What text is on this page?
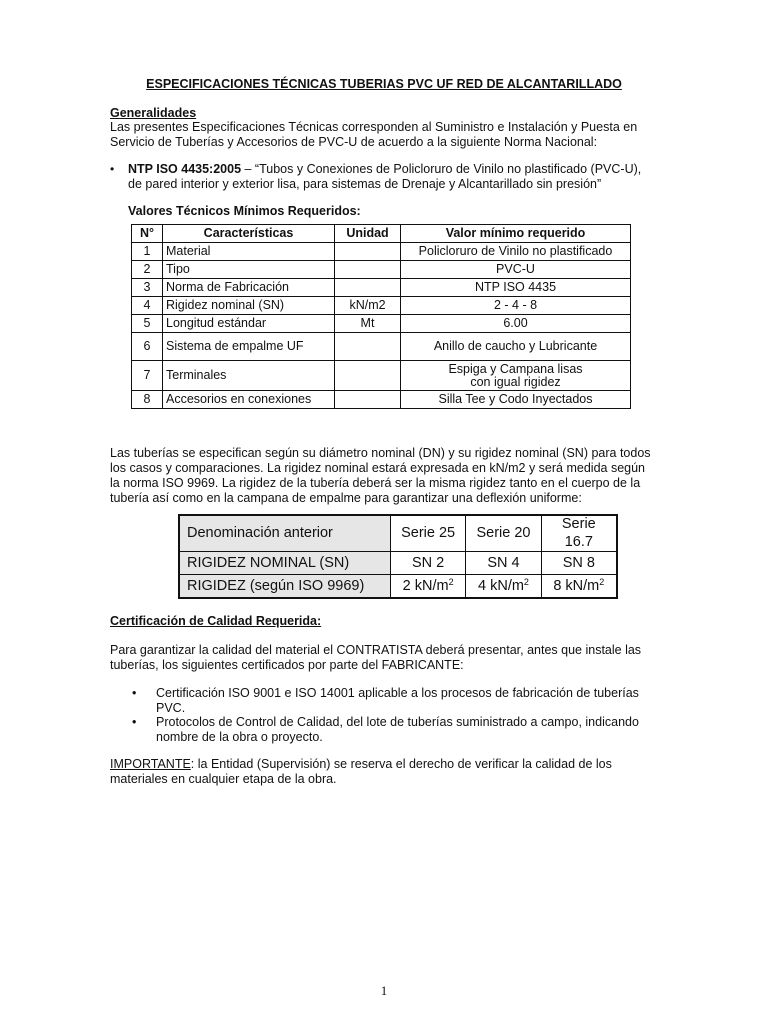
ESPECIFICACIONES TÉCNICAS TUBERIAS PVC UF RED DE ALCANTARILLADO
Generalidades
Las presentes Especificaciones Técnicas corresponden al Suministro e Instalación y Puesta en
Servicio de Tuberías y Accesorios de PVC-U de acuerdo a la siguiente Norma Nacional:
• NTP ISO 4435:2005 – “Tubos y Conexiones de Policloruro de Vinilo no plastificado (PVC-U),
de pared interior y exterior lisa, para sistemas de Drenaje y Alcantarillado sin presión”
Valores Técnicos Mínimos Requeridos:
N°	Características	Unidad	Valor mínimo requerido
1	Material		Policloruro de Vinilo no plastificado
2	Tipo		PVC-U
3	Norma de Fabricación		NTP ISO 4435
4	Rigidez nominal (SN)	kN/m2	2 - 4 - 8
5	Longitud estándar	Mt	6.00
6	Sistema de empalme UF		Anillo de caucho y Lubricante
7	Terminales		Espiga y Campana lisas
con igual rigidez

8	Accesorios en conexiones		Silla Tee y Codo Inyectados
Las tuberías se especifican según su diámetro nominal (DN) y su rigidez nominal (SN) para todos
los casos y comparaciones. La rigidez nominal estará expresada en kN/m2 y será medida según
la norma ISO 9969. La rigidez de la tubería deberá ser la misma rigidez tanto en el cuerpo de la
tubería así como en la campana de empalme para garantizar una deflexión uniforme:
Denominación anterior	Serie 25	Serie 20	Serie 16.7
RIGIDEZ NOMINAL (SN)	SN 2	SN 4	SN 8
RIGIDEZ (según ISO 9969)	2 $kN/m^2$	4 $kN/m^2$	8 $kN/m^2$
Certificación de Calidad Requerida:
Para garantizar la calidad del material el CONTRATISTA deberá presentar, antes que instale las
tuberías, los siguientes certificados por parte del FABRICANTE:
• Certificación ISO 9001 e ISO 14001 aplicable a los procesos de fabricación de tuberías
PVC.
• Protocolos de Control de Calidad, del lote de tuberías suministrado a campo, indicando
nombre de la obra o proyecto.
IMPORTANTE: la Entidad (Supervisión) se reserva el derecho de verificar la calidad de los
materiales en cualquier etapa de la obra.
1
